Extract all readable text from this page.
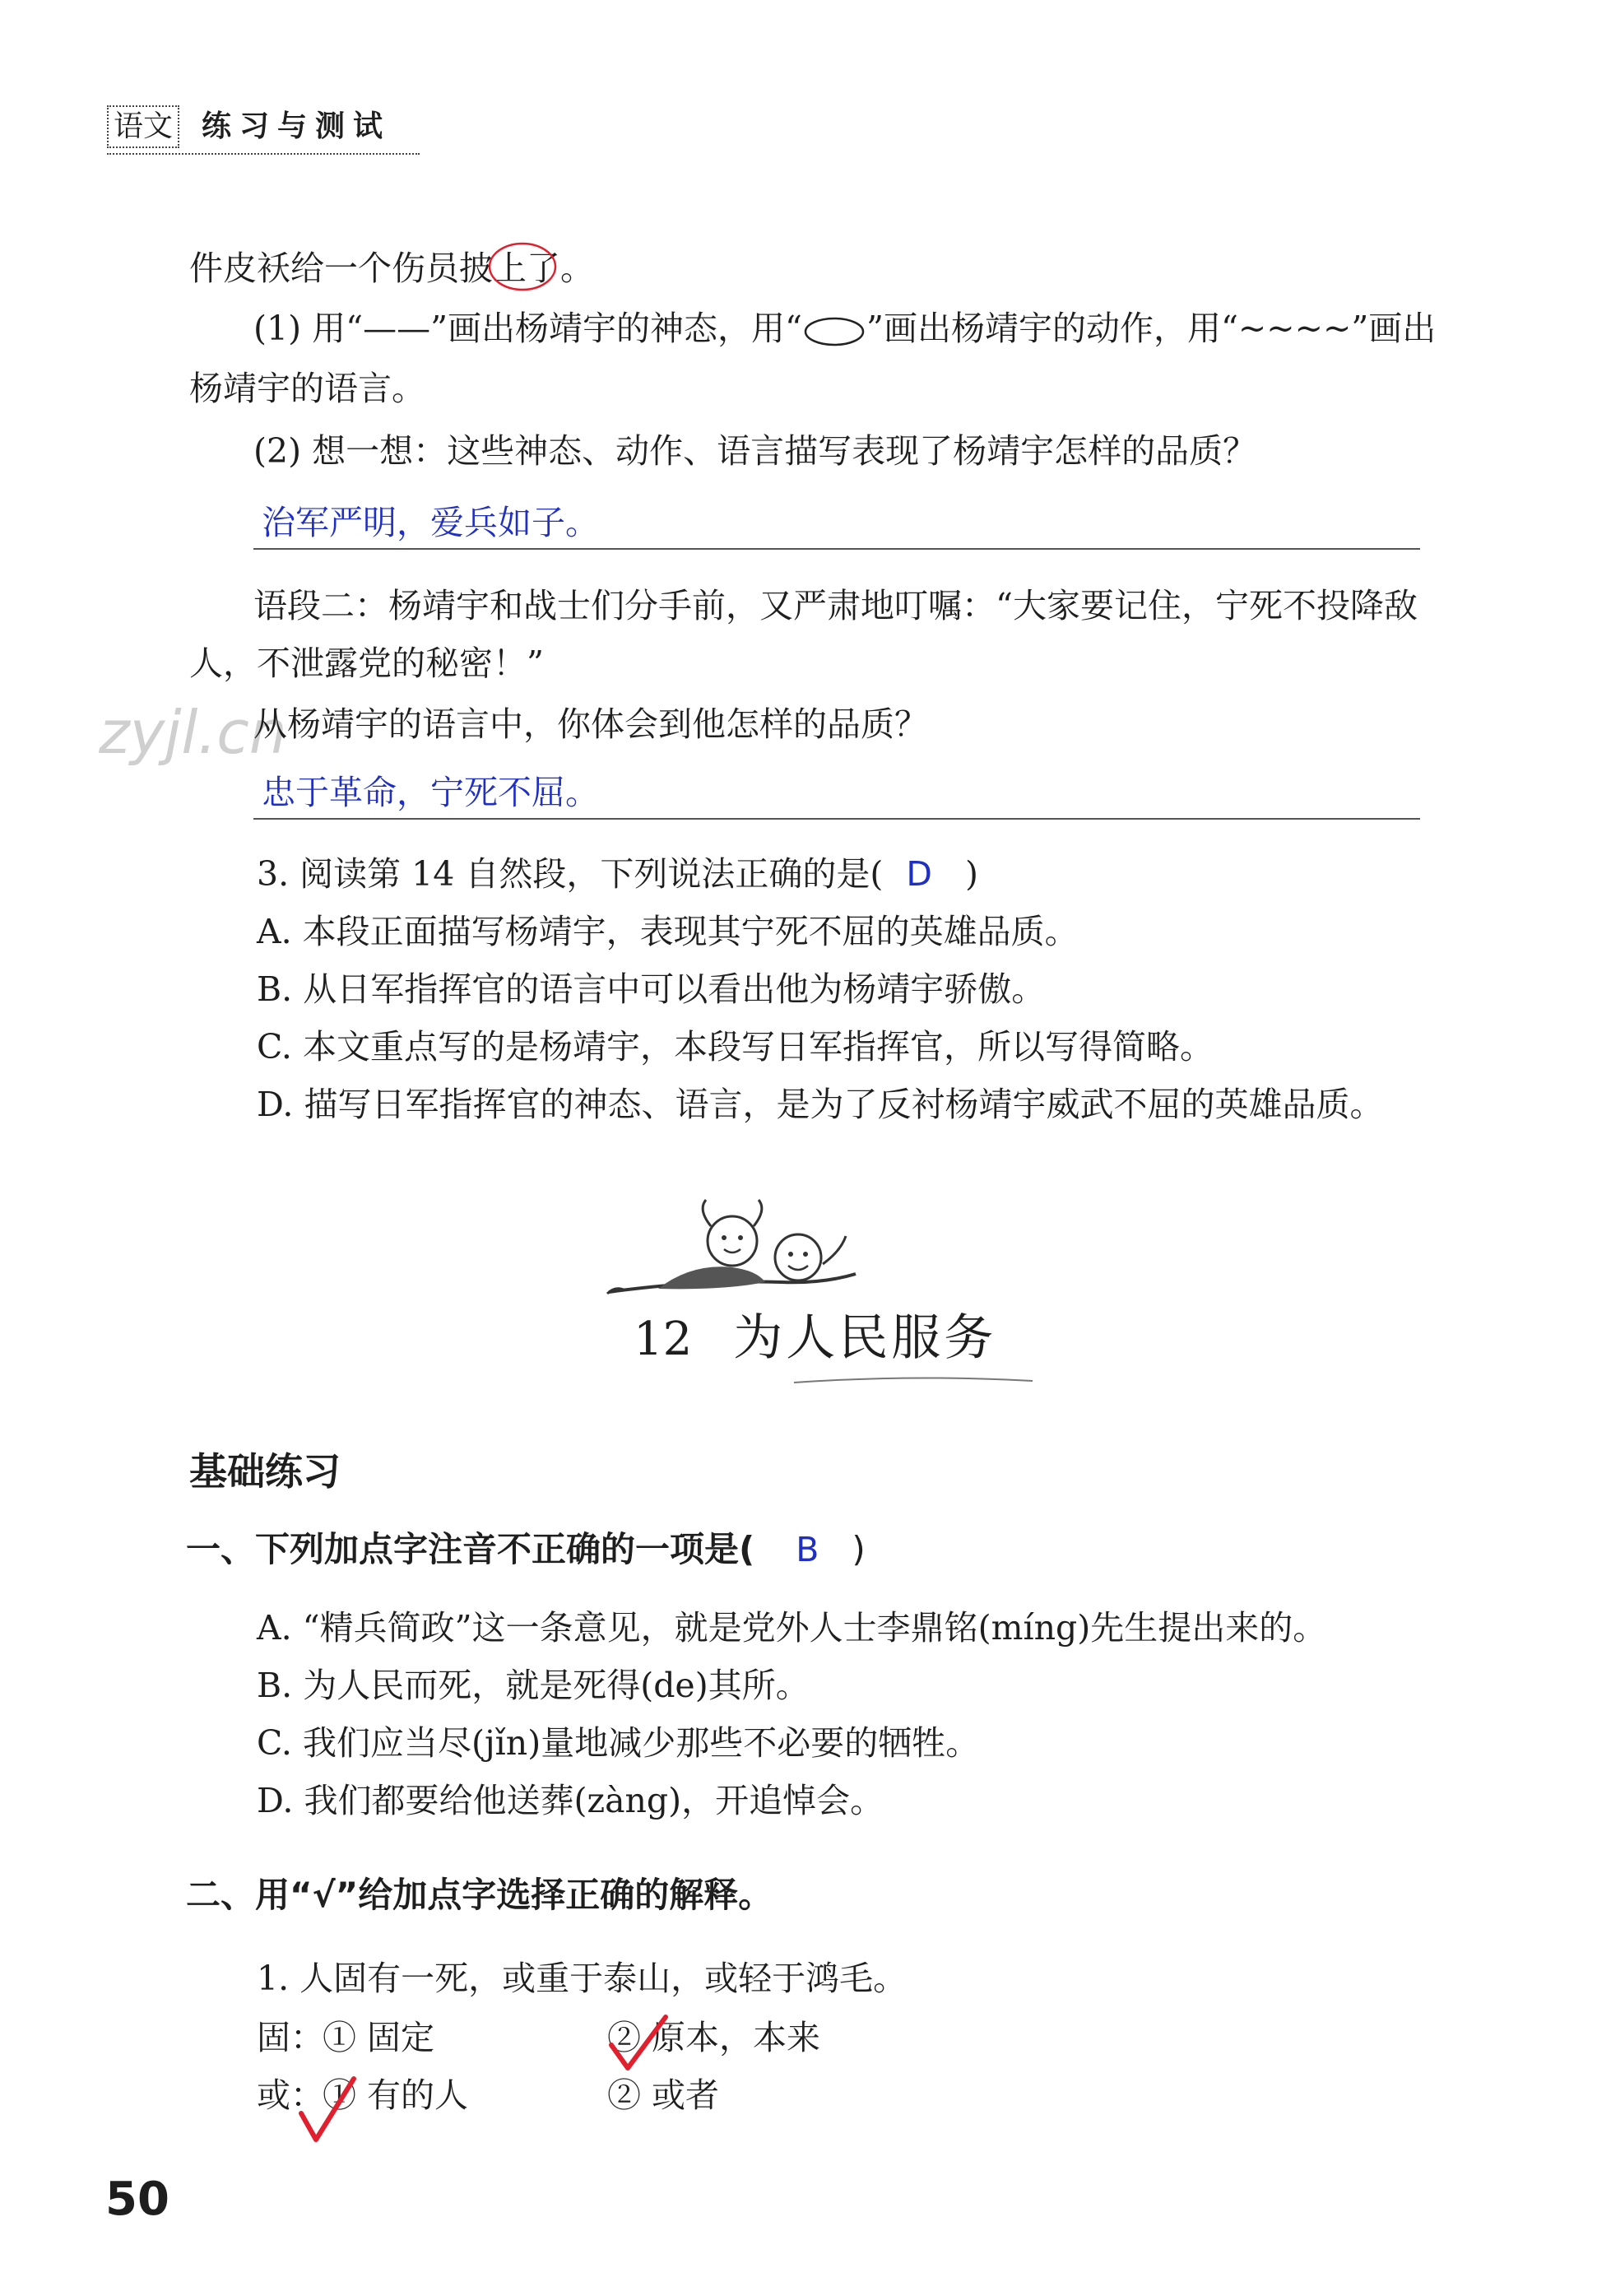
语文 练习与测试
件皮袄给一个伤员披上了。
(1) 用“——”画出杨靖宇的神态，用“ ”画出杨靖宇的动作，用“~~~~”画出
杨靖宇的语言。
(2) 想一想：这些神态、动作、语言描写表现了杨靖宇怎样的品质？
治军严明，爱兵如子。
语段二：杨靖宇和战士们分手前，又严肃地叮嘱：“大家要记住，宁死不投降敌
人，不泄露党的秘密！”
zyjl.cn
从杨靖宇的语言中，你体会到他怎样的品质？
忠于革命，宁死不屈。
3. 阅读第 14 自然段，下列说法正确的是( D )
A. 本段正面描写杨靖宇，表现其宁死不屈的英雄品质。
B. 从日军指挥官的语言中可以看出他为杨靖宇骄傲。
C. 本文重点写的是杨靖宇，本段写日军指挥官，所以写得简略。
D. 描写日军指挥官的神态、语言，是为了反衬杨靖宇威武不屈的英雄品质。
12 为人民服务
基础练习
一、下列加点字注音不正确的一项是( B )
A. “精兵简政”这一条意见，就是党外人士李鼎铭(míng)先生提出来的。
B. 为人民而死，就是死得(de)其所。
C. 我们应当尽(jǐn)量地减少那些不必要的牺牲。
D. 我们都要给他送葬(zàng)，开追悼会。
二、用“√”给加点字选择正确的解释。
1. 人固有一死，或重于泰山，或轻于鸿毛。
固：
① 固定	② 原本，本来
或：
① 有的人	② 或者
50
